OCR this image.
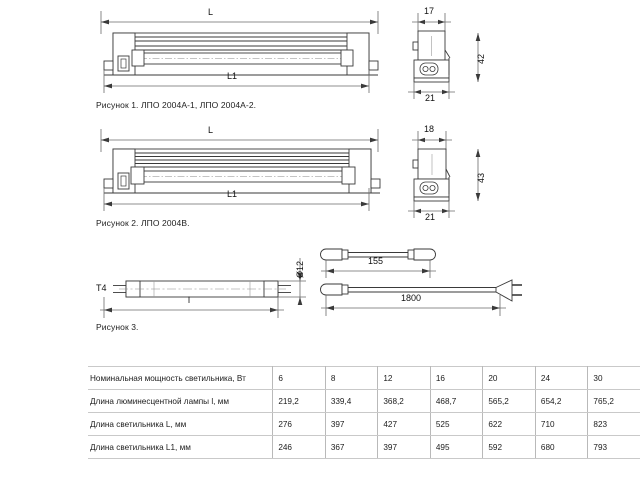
L
L1
Рисунок 1. ЛПО 2004А-1, ЛПО 2004А-2.
17
21
42
L
L1
Рисунок 2. ЛПО 2004В.
18
21
43
T4
Ø12
l
155
1800
Рисунок 3.
Номинальная мощность светильника, Вт	6	8	12	16	20	24	30
Длина люминесцентной лампы l, мм	219,2	339,4	368,2	468,7	565,2	654,2	765,2
Длина светильника L, мм	276	397	427	525	622	710	823
Длина светильника L1, мм	246	367	397	495	592	680	793
